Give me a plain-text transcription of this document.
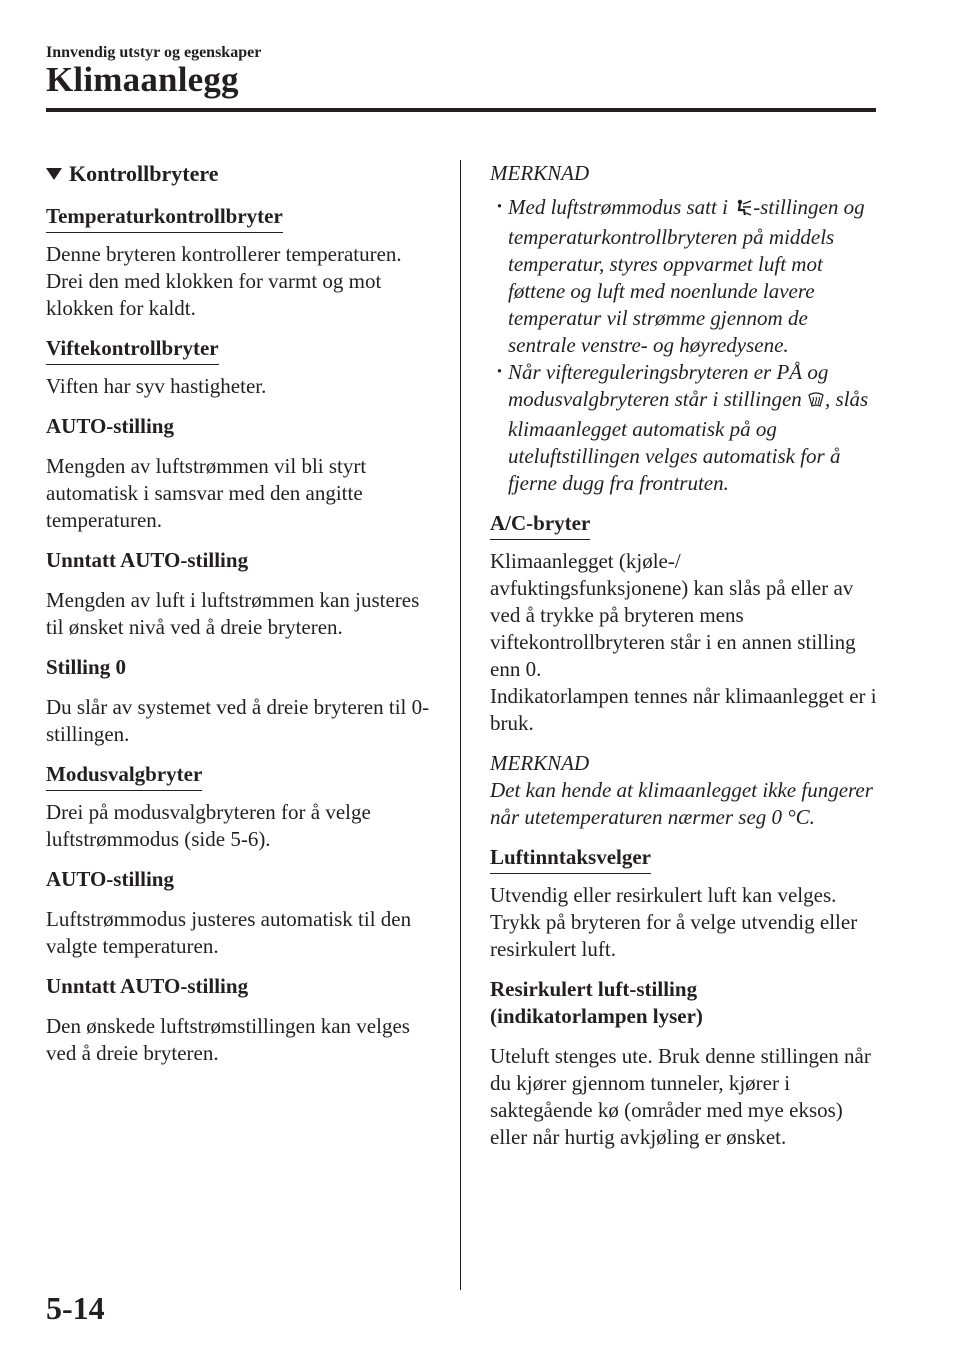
Innvendig utstyr og egenskaper
Klimaanlegg
Kontrollbrytere
Temperaturkontrollbryter
Denne bryteren kontrollerer temperaturen. Drei den med klokken for varmt og mot klokken for kaldt.
Viftekontrollbryter
Viften har syv hastigheter.
AUTO-stilling
Mengden av luftstrømmen vil bli styrt automatisk i samsvar med den angitte temperaturen.
Unntatt AUTO-stilling
Mengden av luft i luftstrømmen kan justeres til ønsket nivå ved å dreie bryteren.
Stilling 0
Du slår av systemet ved å dreie bryteren til 0-stillingen.
Modusvalgbryter
Drei på modusvalgbryteren for å velge luftstrømmodus (side 5-6).
AUTO-stilling
Luftstrømmodus justeres automatisk til den valgte temperaturen.
Unntatt AUTO-stilling
Den ønskede luftstrømstillingen kan velges ved å dreie bryteren.
MERKNAD
· Med luftstrømmodus satt i -stillingen og temperaturkontrollbryteren på middels temperatur, styres oppvarmet luft mot føttene og luft med noenlunde lavere temperatur vil strømme gjennom de sentrale venstre- og høyredysene.
· Når viftereguleringsbryteren er PÅ og modusvalgbryteren står i stillingen , slås klimaanlegget automatisk på og uteluftstillingen velges automatisk for å fjerne dugg fra frontruten.
A/C-bryter
Klimaanlegget (kjøle-/ avfuktingsfunksjonene) kan slås på eller av ved å trykke på bryteren mens viftekontrollbryteren står i en annen stilling enn 0.
Indikatorlampen tennes når klimaanlegget er i bruk.
MERKNAD
Det kan hende at klimaanlegget ikke fungerer når utetemperaturen nærmer seg 0 °C.
Luftinntaksvelger
Utvendig eller resirkulert luft kan velges. Trykk på bryteren for å velge utvendig eller resirkulert luft.
Resirkulert luft-stilling
(indikatorlampen lyser)
Uteluft stenges ute. Bruk denne stillingen når du kjører gjennom tunneler, kjører i saktegående kø (områder med mye eksos) eller når hurtig avkjøling er ønsket.
5-14
